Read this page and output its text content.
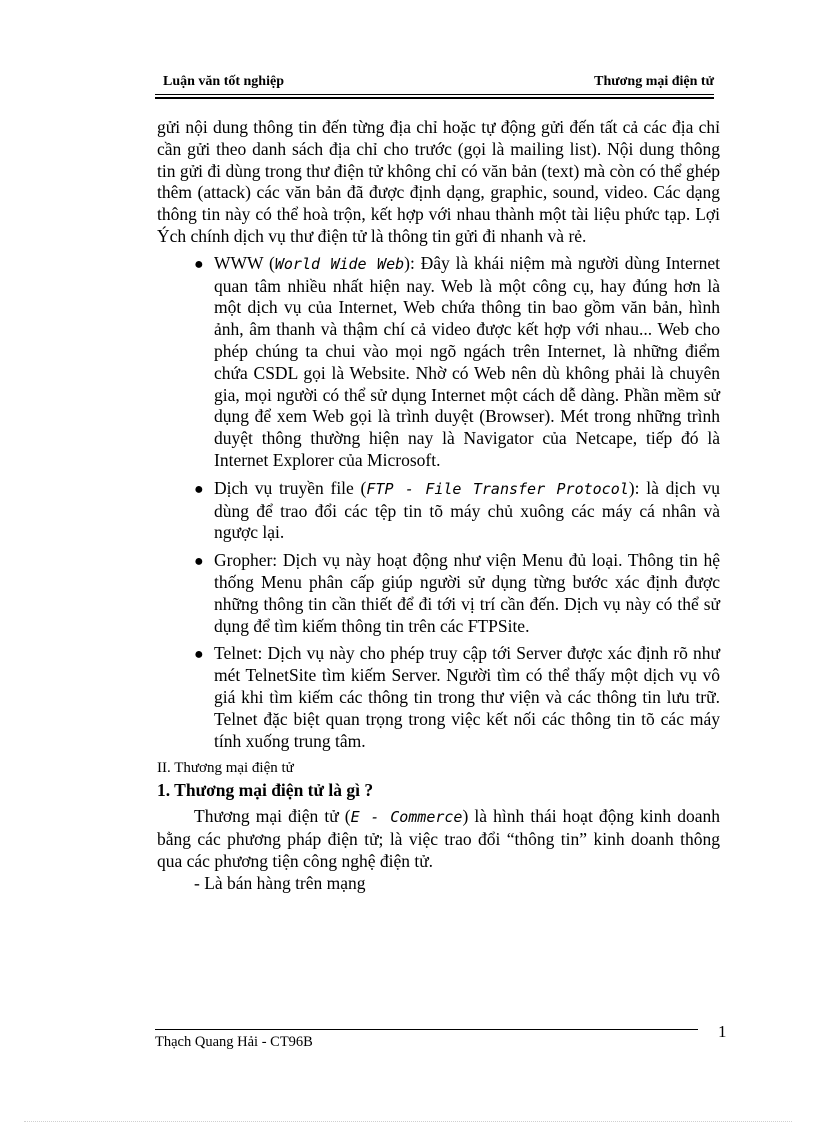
Luận văn tốt nghiệp	Thương mại điện tử

gửi nội dung thông tin đến từng địa chỉ hoặc tự động gửi đến tất cả các địa chỉ cần gửi theo danh sách địa chỉ cho trước (gọi là mailing list). Nội dung thông tin gửi đi dùng trong thư điện tử không chỉ có văn bản (text) mà còn có thể ghép thêm (attack) các văn bản đã được định dạng, graphic, sound, video. Các dạng thông tin này có thể hoà trộn, kết hợp với nhau thành một tài liệu phức tạp. Lợi Ých chính dịch vụ thư điện tử là thông tin gửi đi nhanh và rẻ.

● WWW (World Wide Web): Đây là khái niệm mà người dùng Internet quan tâm nhiều nhất hiện nay. Web là một công cụ, hay đúng hơn là một dịch vụ của Internet, Web chứa thông tin bao gồm văn bản, hình ảnh, âm thanh và thậm chí cả video được kết hợp với nhau... Web cho phép chúng ta chui vào mọi ngõ ngách trên Internet, là những điểm chứa CSDL gọi là Website. Nhờ có Web nên dù không phải là chuyên gia, mọi người có thể sử dụng Internet một cách dễ dàng. Phần mềm sử dụng để xem Web gọi là trình duyệt (Browser). Mét trong những trình duyệt thông thường hiện nay là Navigator của Netcape, tiếp đó là Internet Explorer của Microsoft.
● Dịch vụ truyền file (FTP - File Transfer Protocol): là dịch vụ dùng để trao đổi các tệp tin tõ máy chủ xuông các máy cá nhân và ngược lại.
● Gropher: Dịch vụ này hoạt động như viện Menu đủ loại. Thông tin hệ thống Menu phân cấp giúp người sử dụng từng bước xác định được những thông tin cần thiết để đi tới vị trí cần đến. Dịch vụ này có thể sử dụng để tìm kiếm thông tin trên các FTPSite.
● Telnet: Dịch vụ này cho phép truy cập tới Server được xác định rõ như mét TelnetSite tìm kiếm Server. Người tìm có thể thấy một dịch vụ vô giá khi tìm kiếm các thông tin trong thư viện và các thông tin lưu trữ. Telnet đặc biệt quan trọng trong việc kết nối các thông tin tõ các máy tính xuống trung tâm.

II. Thương mại điện tử

1. Thương mại điện tử là gì ?

Thương mại điện tử (E - Commerce) là hình thái hoạt động kinh doanh bằng các phương pháp điện tử; là việc trao đổi “thông tin” kinh doanh thông qua các phương tiện công nghệ điện tử.

- Là bán hàng trên mạng

Thạch Quang Hải - CT96B
1
